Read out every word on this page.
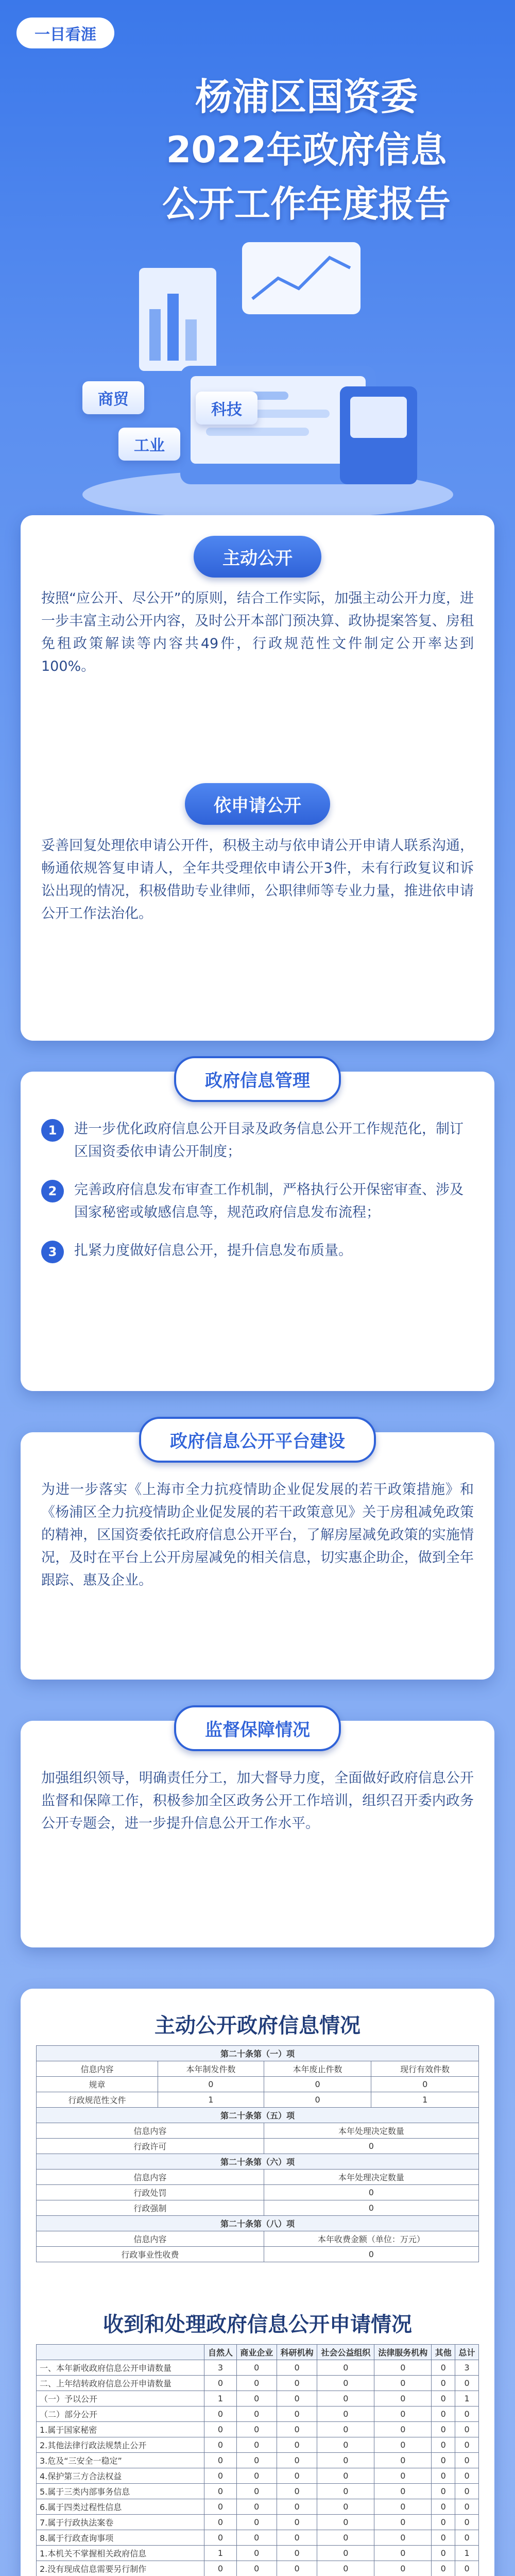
一目看涯
杨浦区国资委
2022年政府信息
公开工作年度报告
商贸
科技
工业
主动公开
按照“应公开、尽公开”的原则，结合工作实际，加强主动公开力度，进一步丰富主动公开内容，及时公开本部门预决算、政协提案答复、房租免租政策解读等内容共49件，行政规范性文件制定公开率达到100%。
依申请公开
妥善回复处理依申请公开件，积极主动与依申请公开申请人联系沟通，畅通依规答复申请人，全年共受理依申请公开3件，未有行政复议和诉讼出现的情况，积极借助专业律师，公职律师等专业力量，推进依申请公开工作法治化。
政府信息管理
1	进一步优化政府信息公开目录及政务信息公开工作规范化，制订区国资委依申请公开制度；
2	完善政府信息发布审查工作机制，严格执行公开保密审查、涉及国家秘密或敏感信息等，规范政府信息发布流程；
3	扎紧力度做好信息公开，提升信息发布质量。
政府信息公开平台建设
为进一步落实《上海市全力抗疫情助企业促发展的若干政策措施》和《杨浦区全力抗疫情助企业促发展的若干政策意见》关于房租减免政策的精神，区国资委依托政府信息公开平台，了解房屋减免政策的实施情况，及时在平台上公开房屋减免的相关信息，切实惠企助企，做到全年跟踪、惠及企业。
监督保障情况
加强组织领导，明确责任分工，加大督导力度，全面做好政府信息公开监督和保障工作，积极参加全区政务公开工作培训，组织召开委内政务公开专题会，进一步提升信息公开工作水平。
主动公开政府信息情况
第二十条第（一）项			
信息内容	本年制发件数	本年废止件数	现行有效件数
规章	0	0	0
行政规范性文件	1	0	1
第二十条第（五）项			
信息内容		本年处理决定数量	
行政许可		0	
第二十条第（六）项			
信息内容		本年处理决定数量	
行政处罚		0	
行政强制		0	
第二十条第（八）项			
信息内容		本年收费金额（单位：万元）	
行政事业性收费		0	
收到和处理政府信息公开申请情况
	自然人	商业企业	科研机构	社会公益组织	法律服务机构	其他	总计
一、本年新收政府信息公开申请数量	3	0	0	0	0	0	3
二、上年结转政府信息公开申请数量	0	0	0	0	0	0	0
（一）予以公开	1	0	0	0	0	0	1
（二）部分公开	0	0	0	0	0	0	0
1.属于国家秘密	0	0	0	0	0	0	0
2.其他法律行政法规禁止公开	0	0	0	0	0	0	0
3.危及“三安全一稳定”	0	0	0	0	0	0	0
4.保护第三方合法权益	0	0	0	0	0	0	0
5.属于三类内部事务信息	0	0	0	0	0	0	0
6.属于四类过程性信息	0	0	0	0	0	0	0
7.属于行政执法案卷	0	0	0	0	0	0	0
8.属于行政查询事项	0	0	0	0	0	0	0
1.本机关不掌握相关政府信息	1	0	0	0	0	0	1
2.没有现成信息需要另行制作	0	0	0	0	0	0	0
